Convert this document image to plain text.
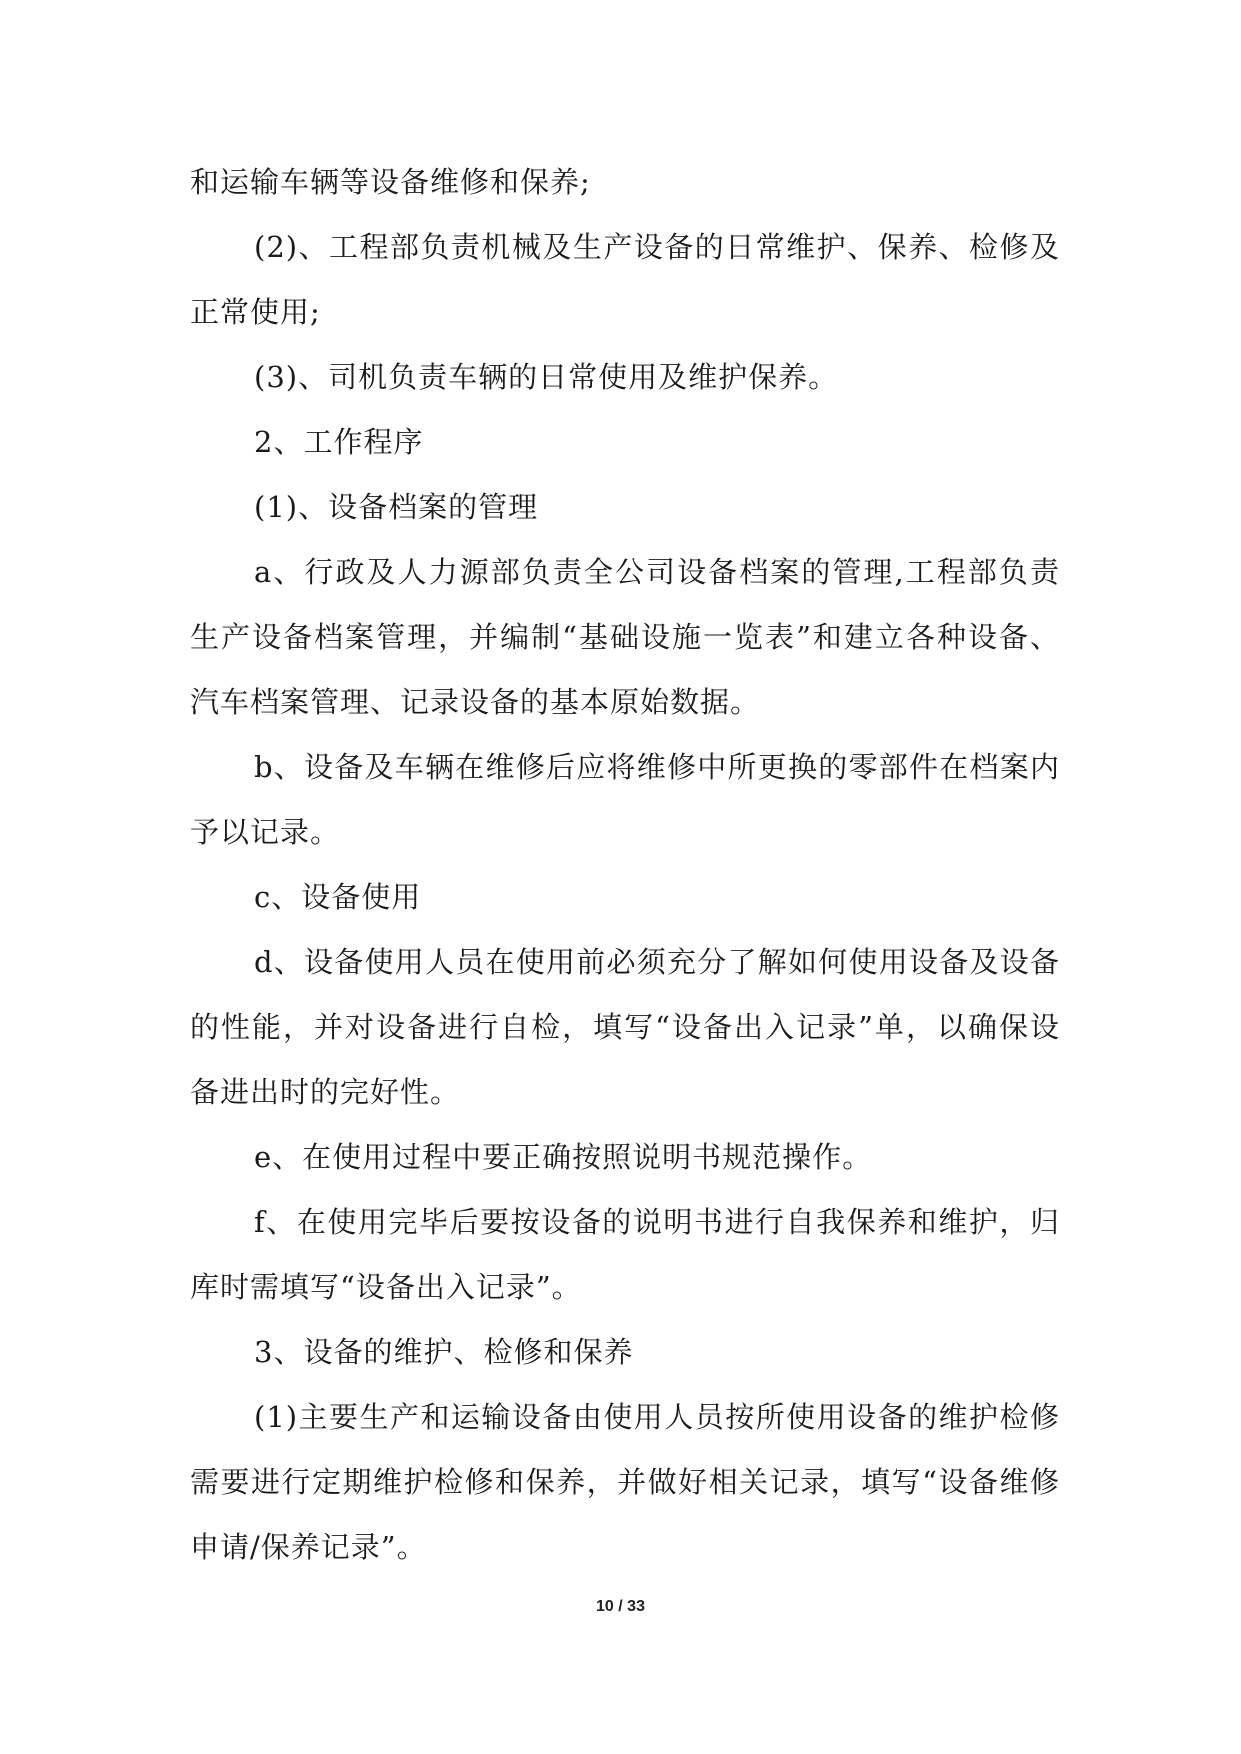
和运输车辆等设备维修和保养;

(2)、工程部负责机械及生产设备的日常维护、保养、检修及正常使用;

(3)、司机负责车辆的日常使用及维护保养。

2、工作程序

(1)、设备档案的管理

a、行政及人力源部负责全公司设备档案的管理,工程部负责生产设备档案管理，并编制“基础设施一览表”和建立各种设备、汽车档案管理、记录设备的基本原始数据。

b、设备及车辆在维修后应将维修中所更换的零部件在档案内予以记录。

c、设备使用

d、设备使用人员在使用前必须充分了解如何使用设备及设备的性能，并对设备进行自检，填写“设备出入记录”单，以确保设备进出时的完好性。

e、在使用过程中要正确按照说明书规范操作。

f、在使用完毕后要按设备的说明书进行自我保养和维护，归库时需填写“设备出入记录”。

3、设备的维护、检修和保养

(1)主要生产和运输设备由使用人员按所使用设备的维护检修需要进行定期维护检修和保养，并做好相关记录，填写“设备维修申请/保养记录”。

10 / 33
